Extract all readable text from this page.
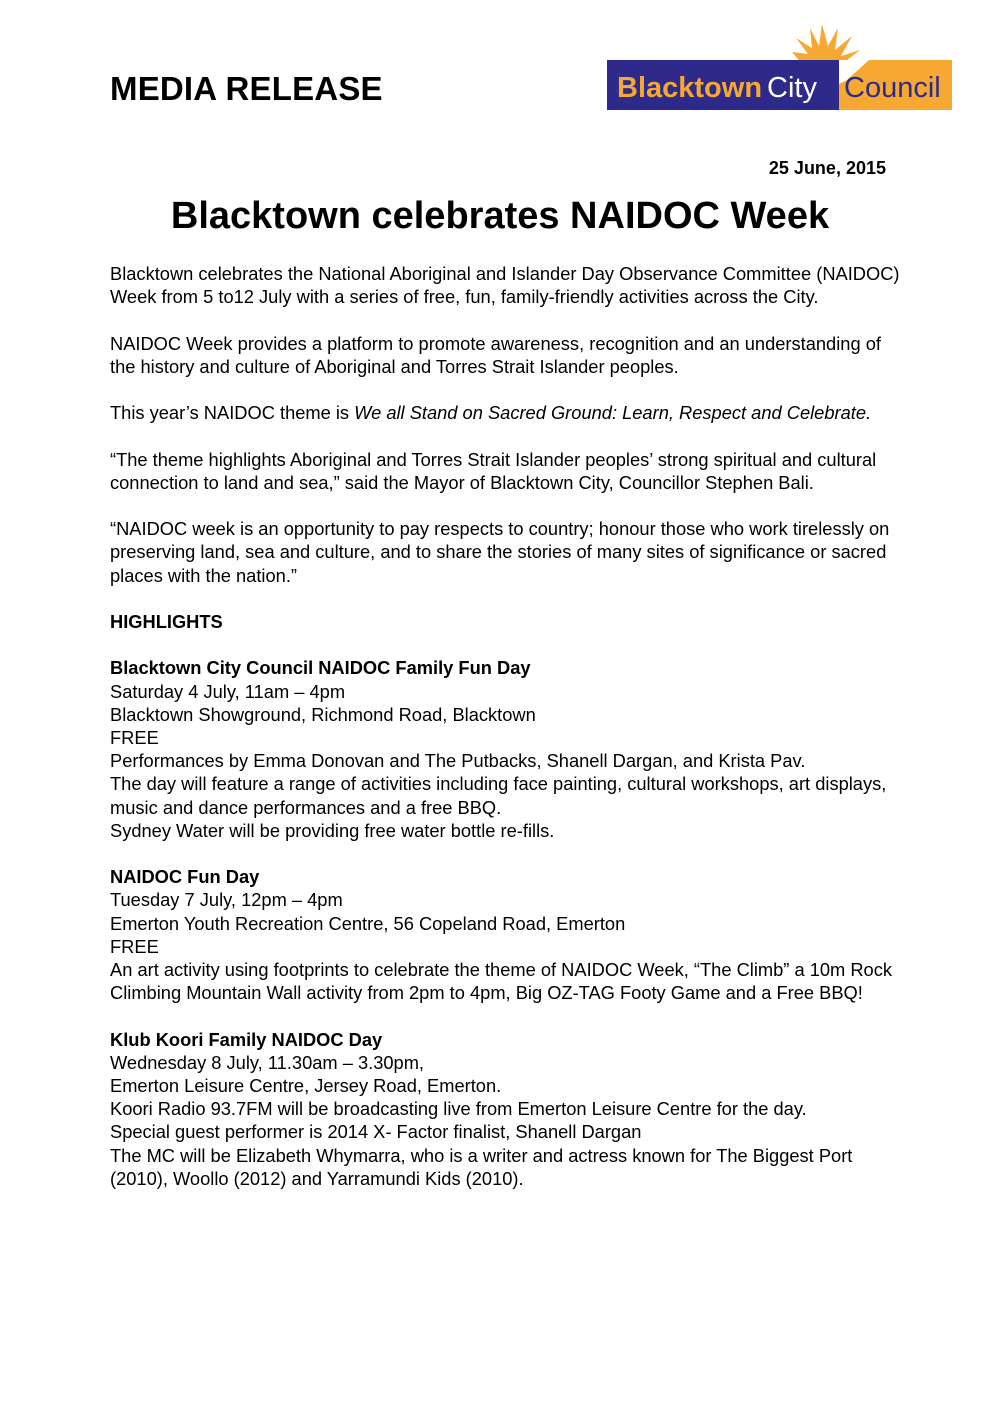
MEDIA RELEASE	Blacktown City Council
25 June, 2015
Blacktown celebrates NAIDOC Week

Blacktown celebrates the National Aboriginal and Islander Day Observance Committee (NAIDOC) Week from 5 to12 July with a series of free, fun, family-friendly activities across the City.

NAIDOC Week provides a platform to promote awareness, recognition and an understanding of the history and culture of Aboriginal and Torres Strait Islander peoples.

This year’s NAIDOC theme is We all Stand on Sacred Ground: Learn, Respect and Celebrate.

“The theme highlights Aboriginal and Torres Strait Islander peoples’ strong spiritual and cultural connection to land and sea,” said the Mayor of Blacktown City, Councillor Stephen Bali.

“NAIDOC week is an opportunity to pay respects to country; honour those who work tirelessly on preserving land, sea and culture, and to share the stories of many sites of significance or sacred places with the nation.”

HIGHLIGHTS

Blacktown City Council NAIDOC Family Fun Day
Saturday 4 July, 11am – 4pm
Blacktown Showground, Richmond Road, Blacktown
FREE
Performances by Emma Donovan and The Putbacks, Shanell Dargan, and Krista Pav.
The day will feature a range of activities including face painting, cultural workshops, art displays, music and dance performances and a free BBQ.
Sydney Water will be providing free water bottle re-fills.
NAIDOC Fun Day
Tuesday 7 July, 12pm – 4pm
Emerton Youth Recreation Centre, 56 Copeland Road, Emerton
FREE
An art activity using footprints to celebrate the theme of NAIDOC Week, “The Climb” a 10m Rock Climbing Mountain Wall activity from 2pm to 4pm, Big OZ-TAG Footy Game and a Free BBQ!
Klub Koori Family NAIDOC Day
Wednesday 8 July, 11.30am – 3.30pm,
Emerton Leisure Centre, Jersey Road, Emerton.
Koori Radio 93.7FM will be broadcasting live from Emerton Leisure Centre for the day.
Special guest performer is 2014 X- Factor finalist, Shanell Dargan
The MC will be Elizabeth Whymarra, who is a writer and actress known for The Biggest Port (2010), Woollo (2012) and Yarramundi Kids (2010).
